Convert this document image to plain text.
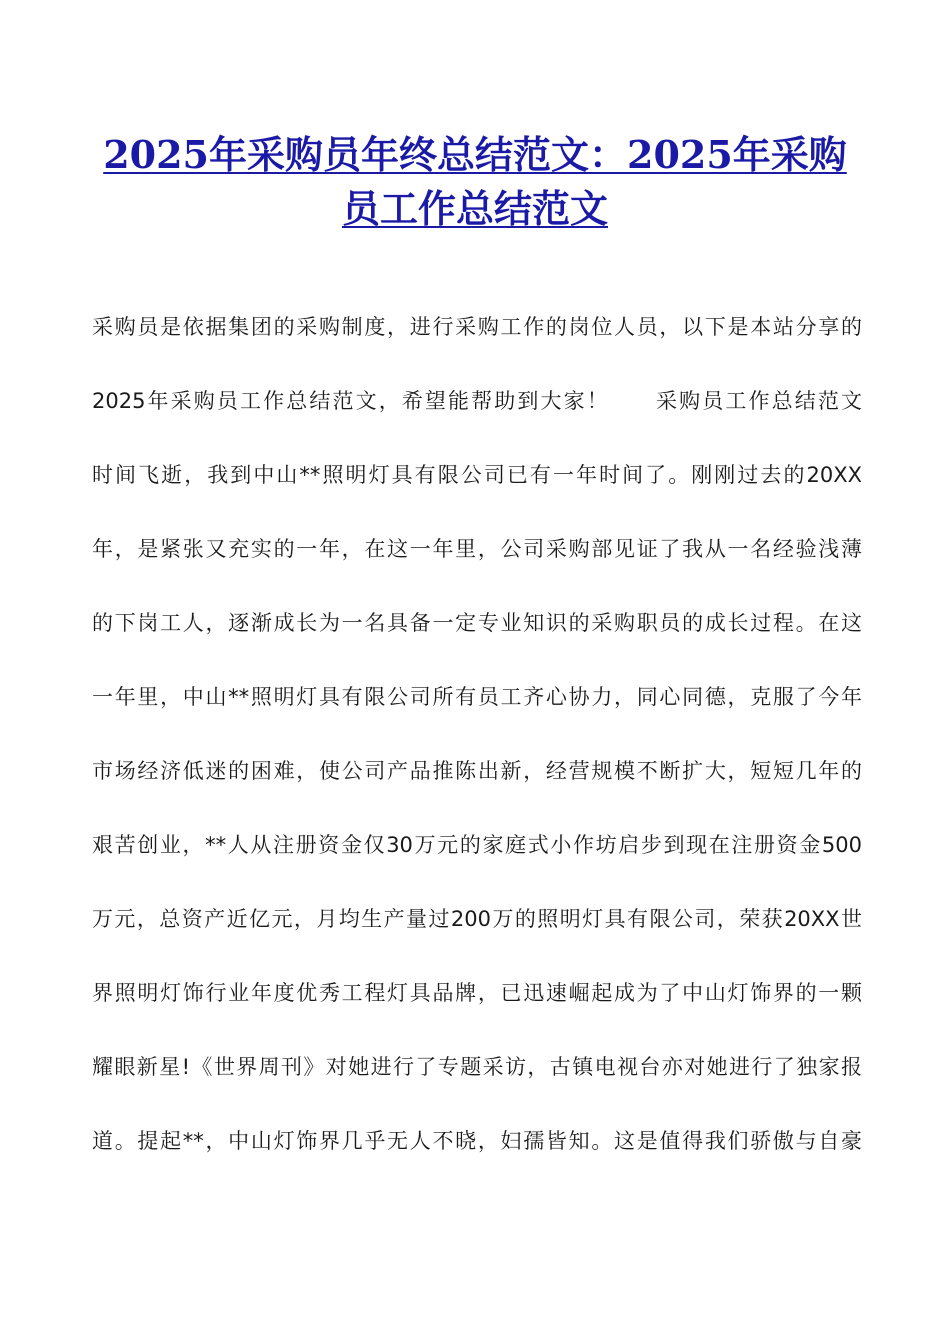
2025年采购员年终总结范文：2025年采购
员工作总结范文
采购员是依据集团的采购制度，进行采购工作的岗位人员，以下是本站分享的
2025年采购员工作总结范文，希望能帮助到大家！　　采购员工作总结范文
时间飞逝，我到中山**照明灯具有限公司已有一年时间了。刚刚过去的20XX
年，是紧张又充实的一年，在这一年里，公司采购部见证了我从一名经验浅薄
的下岗工人，逐渐成长为一名具备一定专业知识的采购职员的成长过程。在这
一年里，中山**照明灯具有限公司所有员工齐心协力，同心同德，克服了今年
市场经济低迷的困难，使公司产品推陈出新，经营规模不断扩大，短短几年的
艰苦创业，**人从注册资金仅30万元的家庭式小作坊启步到现在注册资金500
万元，总资产近亿元，月均生产量过200万的照明灯具有限公司，荣获20XX世
界照明灯饰行业年度优秀工程灯具品牌，已迅速崛起成为了中山灯饰界的一颗
耀眼新星!《世界周刊》对她进行了专题采访，古镇电视台亦对她进行了独家报
道。提起**，中山灯饰界几乎无人不晓，妇孺皆知。这是值得我们骄傲与自豪
